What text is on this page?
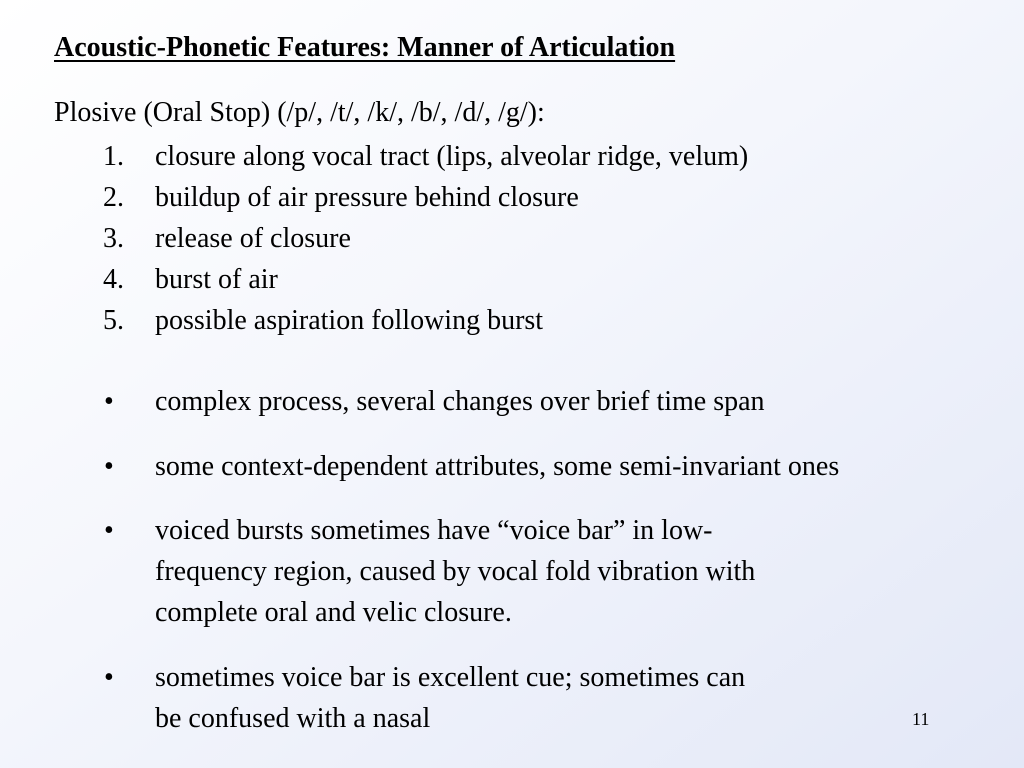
Acoustic-Phonetic Features: Manner of Articulation
Plosive (Oral Stop) (/p/, /t/, /k/, /b/, /d/, /g/):
1. closure along vocal tract (lips, alveolar ridge, velum)
2. buildup of air pressure behind closure
3. release of closure
4. burst of air
5. possible aspiration following burst
• complex process, several changes over brief time span
• some context-dependent attributes, some semi-invariant ones
• voiced bursts sometimes have “voice bar” in low-
frequency region, caused by vocal fold vibration with
complete oral and velic closure.
• sometimes voice bar is excellent cue; sometimes can
be confused with a nasal	11
